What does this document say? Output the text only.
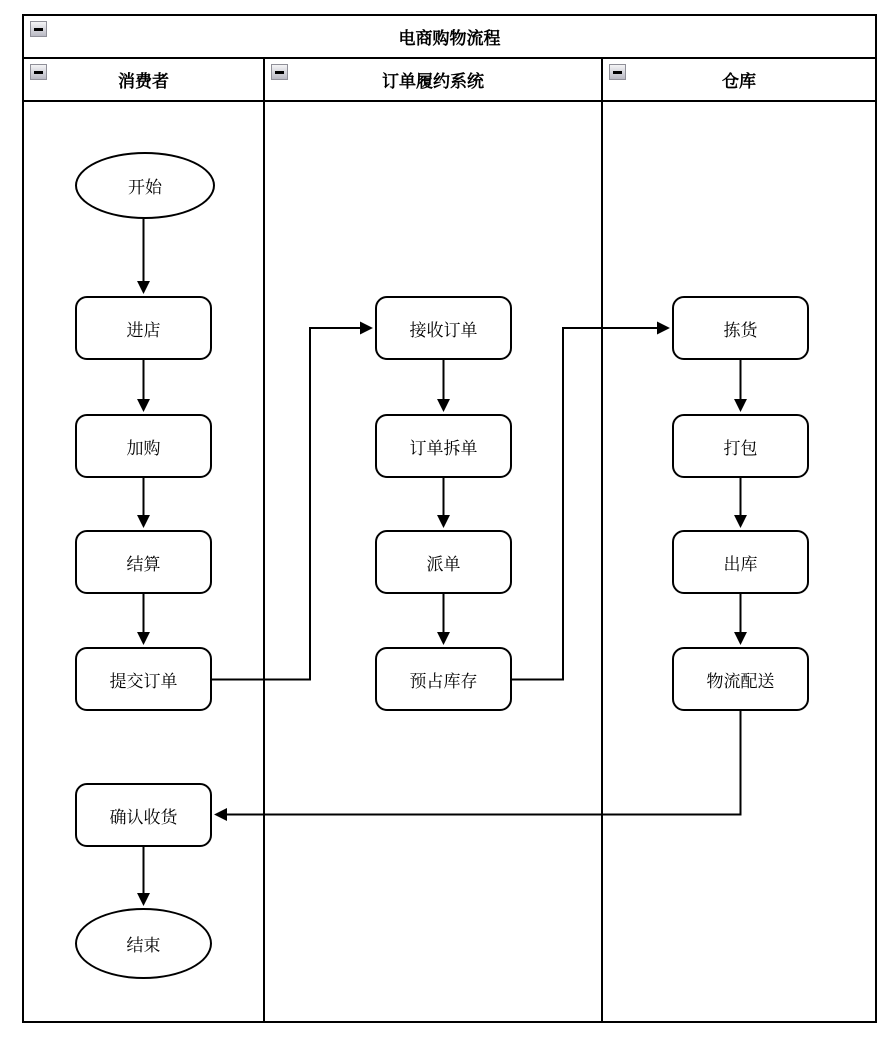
电商购物流程
消费者	订单履约系统	仓库
开始
进店
加购
结算
提交订单
确认收货
结束
接收订单
订单拆单
派单
预占库存
拣货
打包
出库
物流配送
